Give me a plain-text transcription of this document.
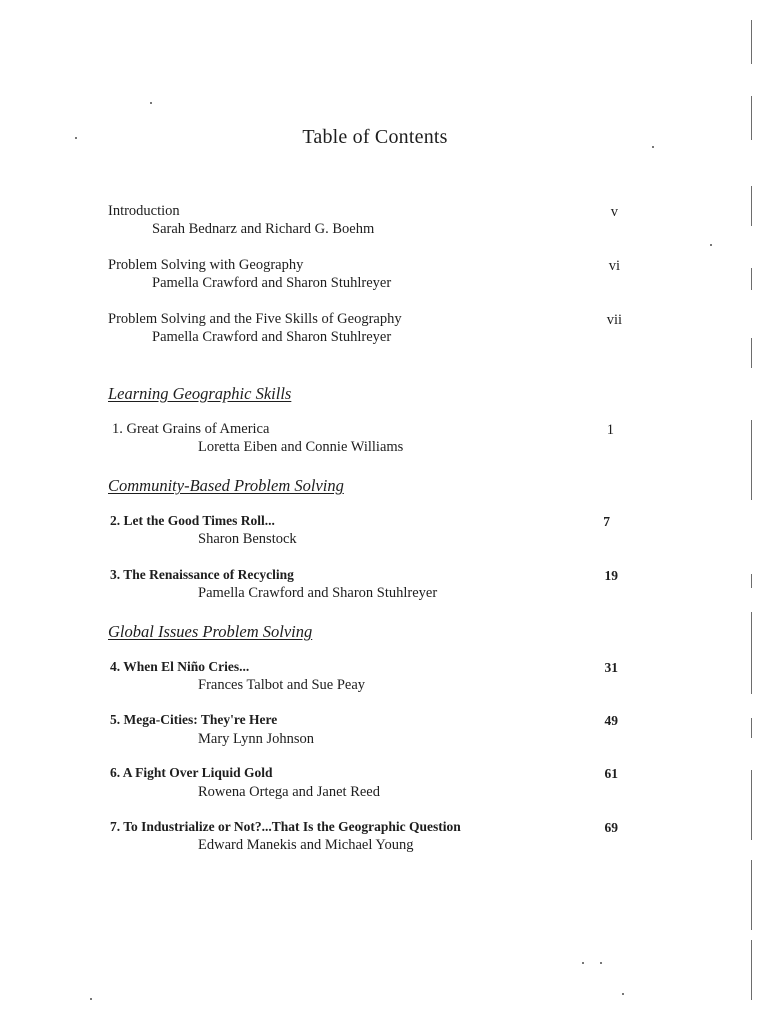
Table of Contents
Introduction
Sarah Bednarz and Richard G. Boehm
v
Problem Solving with Geography
Pamella Crawford and Sharon Stuhlreyer
vi
Problem Solving and the Five Skills of Geography
Pamella Crawford and Sharon Stuhlreyer
vii
Learning Geographic Skills
1. Great Grains of America
Loretta Eiben and Connie Williams
1
Community-Based Problem Solving
2. Let the Good Times Roll...
Sharon Benstock
7
3. The Renaissance of Recycling
Pamella Crawford and Sharon Stuhlreyer
19
Global Issues Problem Solving
4. When El Niño Cries...
Frances Talbot and Sue Peay
31
5. Mega-Cities: They're Here
Mary Lynn Johnson
49
6. A Fight Over Liquid Gold
Rowena Ortega and Janet Reed
61
7. To Industrialize or Not?...That Is the Geographic Question
Edward Manekis and Michael Young
69
